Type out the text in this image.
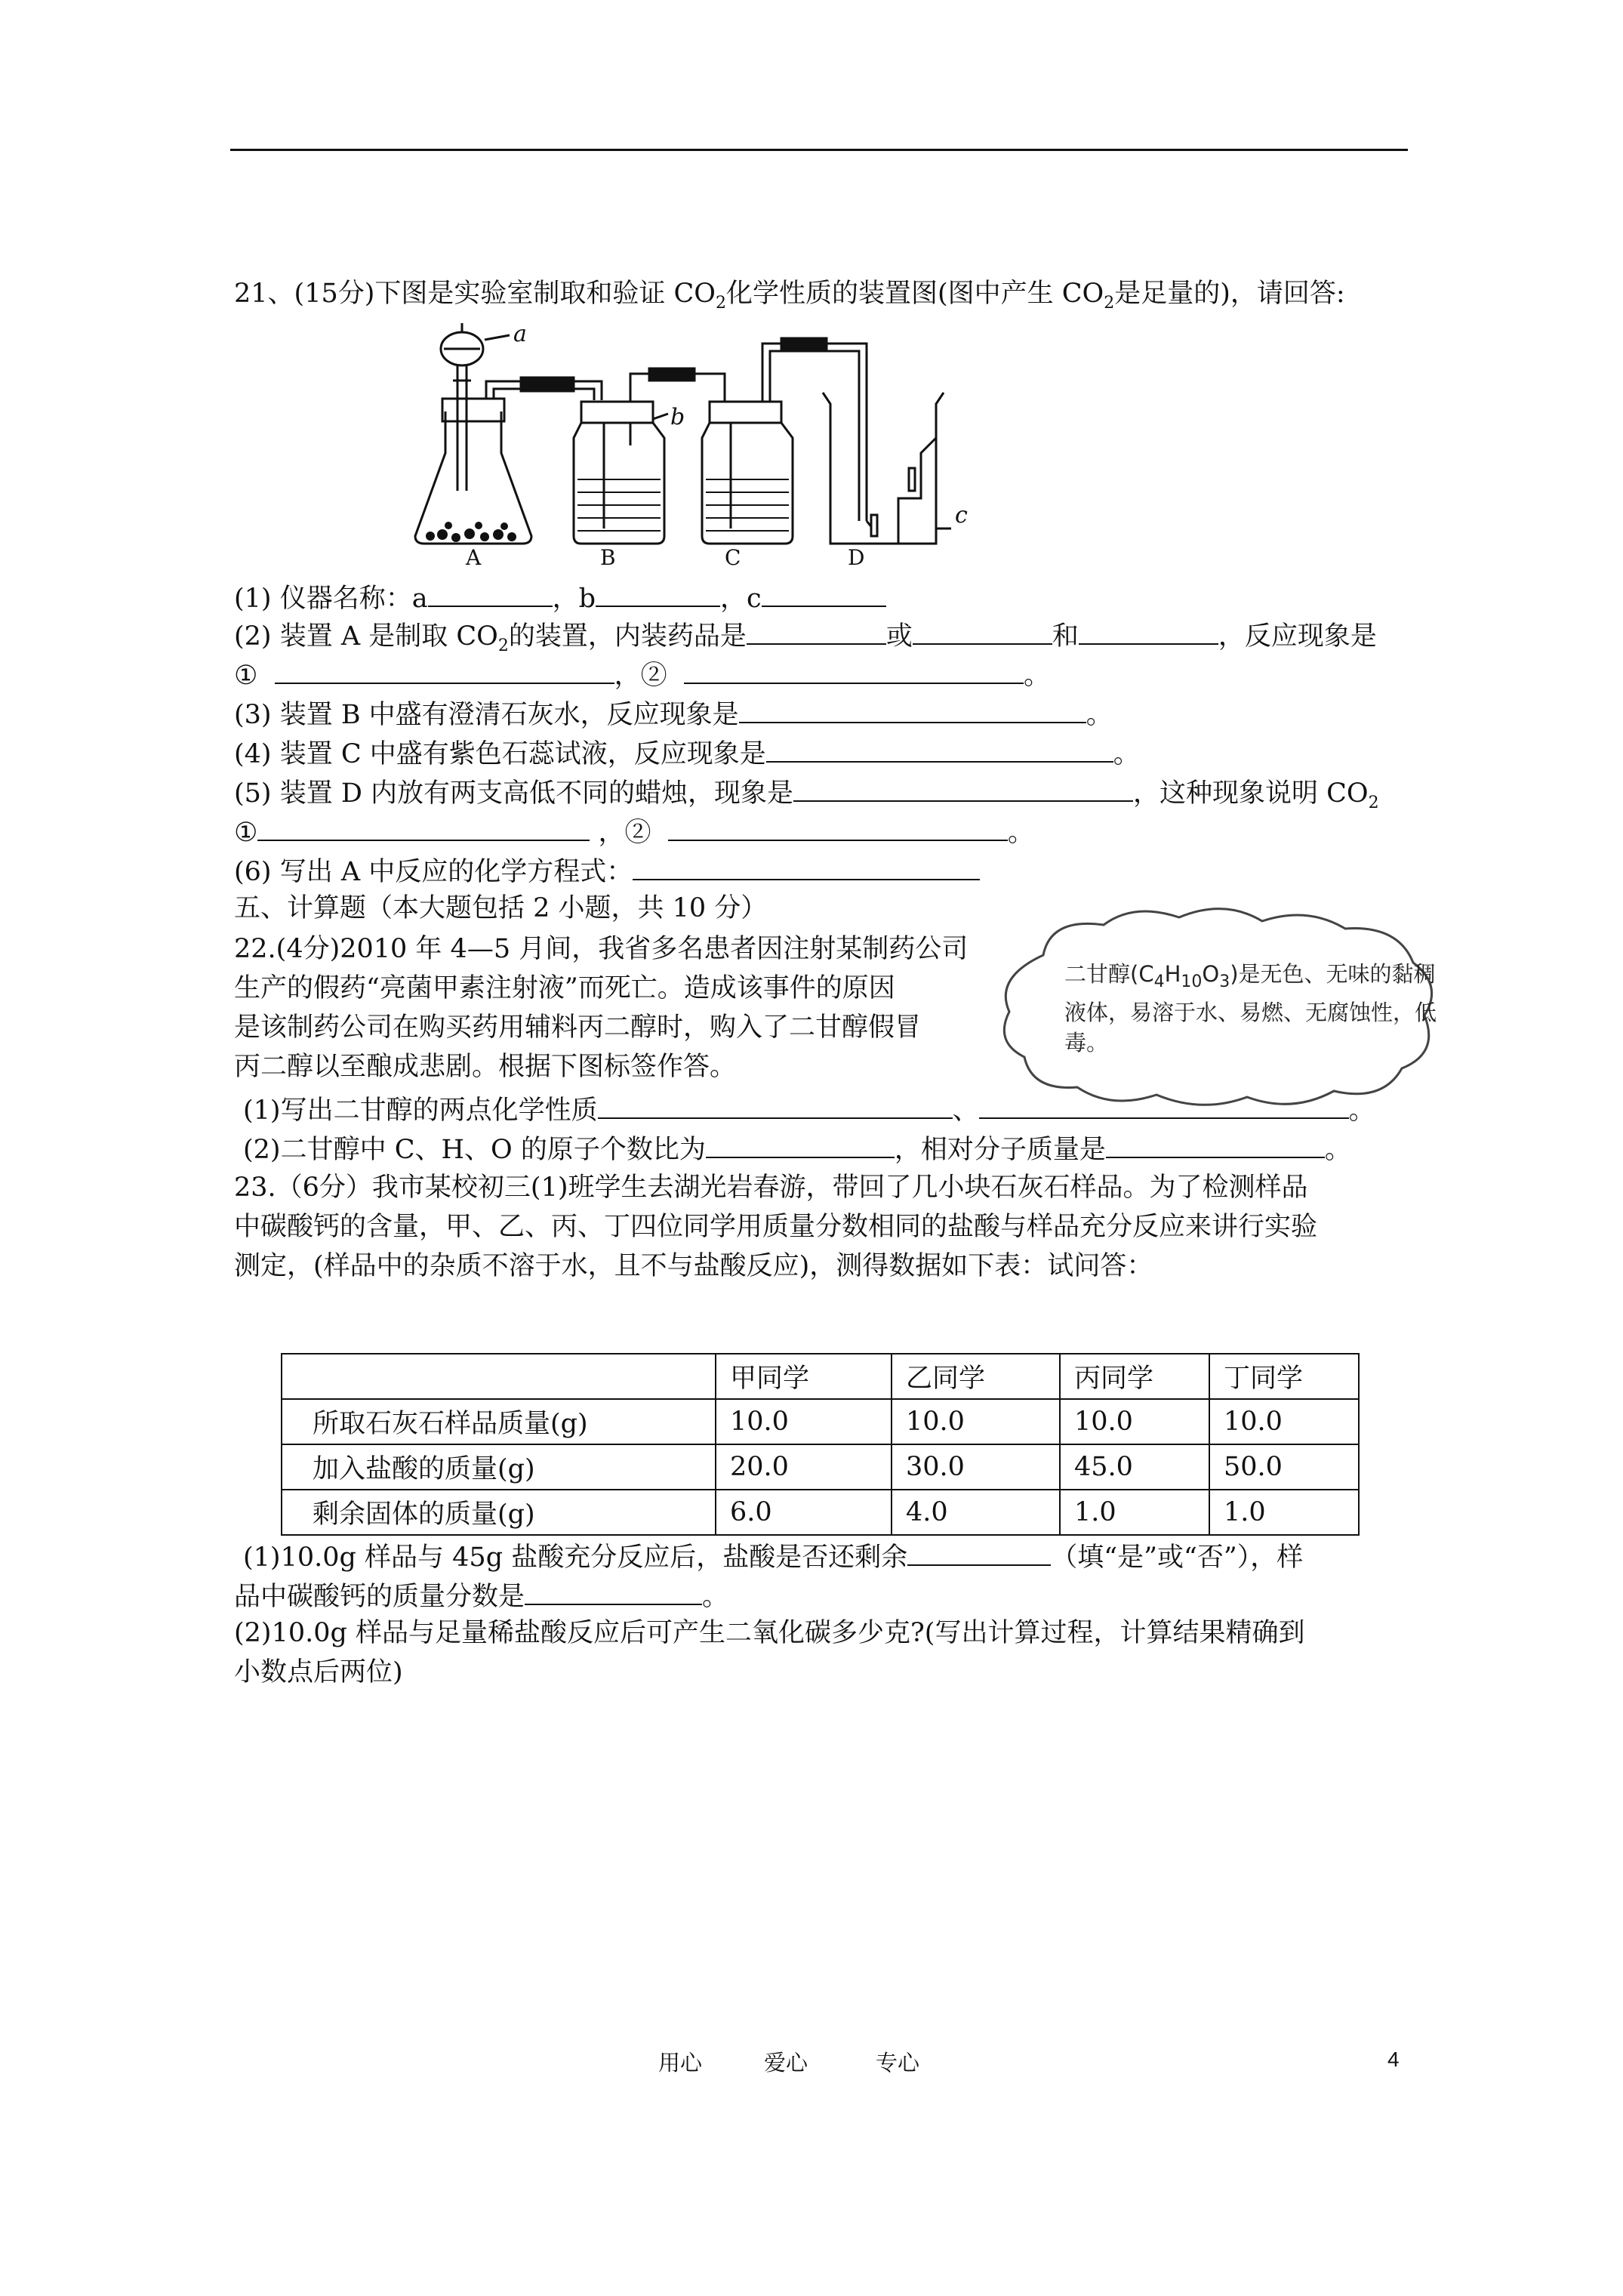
21、(15分)下图是实验室制取和验证 $CO_2$化学性质的装置图(图中产生 $CO_2$是足量的)，请回答:
a
b
c
A	B	C	D
(1) 仪器名称：a	，b	，c
(2) 装置 A 是制取 $CO_2$的装置，内装药品是	或	和	，反应现象是
①	，②	。
(3) 装置 B 中盛有澄清石灰水，反应现象是	。
(4) 装置 C 中盛有紫色石蕊试液，反应现象是	。
(5) 装置 D 内放有两支高低不同的蜡烛，现象是	，这种现象说明 $CO_2$
①	，②	。
(6) 写出 A 中反应的化学方程式：
五、计算题（本大题包括 2 小题，共 10 分）
22.(4分)2010 年 4—5 月间，我省多名患者因注射某制药公司
生产的假药“亮菌甲素注射液”而死亡。造成该事件的原因
是该制药公司在购买药用辅料丙二醇时，购入了二甘醇假冒
丙二醇以至酿成悲剧。根据下图标签作答。
二甘醇$(C_4H_{10}O_3)$是无色、无味的黏稠液体，易溶于水、易燃、无腐蚀性，低毒。
(1)写出二甘醇的两点化学性质	、	。
(2)二甘醇中 C、H、O 的原子个数比为	，相对分子质量是	。
23.（6分）我市某校初三(1)班学生去湖光岩春游，带回了几小块石灰石样品。为了检测样品
中碳酸钙的含量，甲、乙、丙、丁四位同学用质量分数相同的盐酸与样品充分反应来讲行实验
测定，(样品中的杂质不溶于水，且不与盐酸反应)，测得数据如下表：试问答：
	甲同学	乙同学	丙同学	丁同学
所取石灰石样品质量(g)	10.0	10.0	10.0	10.0
加入盐酸的质量(g)	20.0	30.0	45.0	50.0
剩余固体的质量(g)	6.0	4.0	1.0	1.0
(1)10.0g 样品与 45g 盐酸充分反应后，盐酸是否还剩余	（填“是”或“否”），样
品中碳酸钙的质量分数是	。
(2)10.0g 样品与足量稀盐酸反应后可产生二氧化碳多少克?(写出计算过程，计算结果精确到
小数点后两位)
用心	爱心	专心	4
